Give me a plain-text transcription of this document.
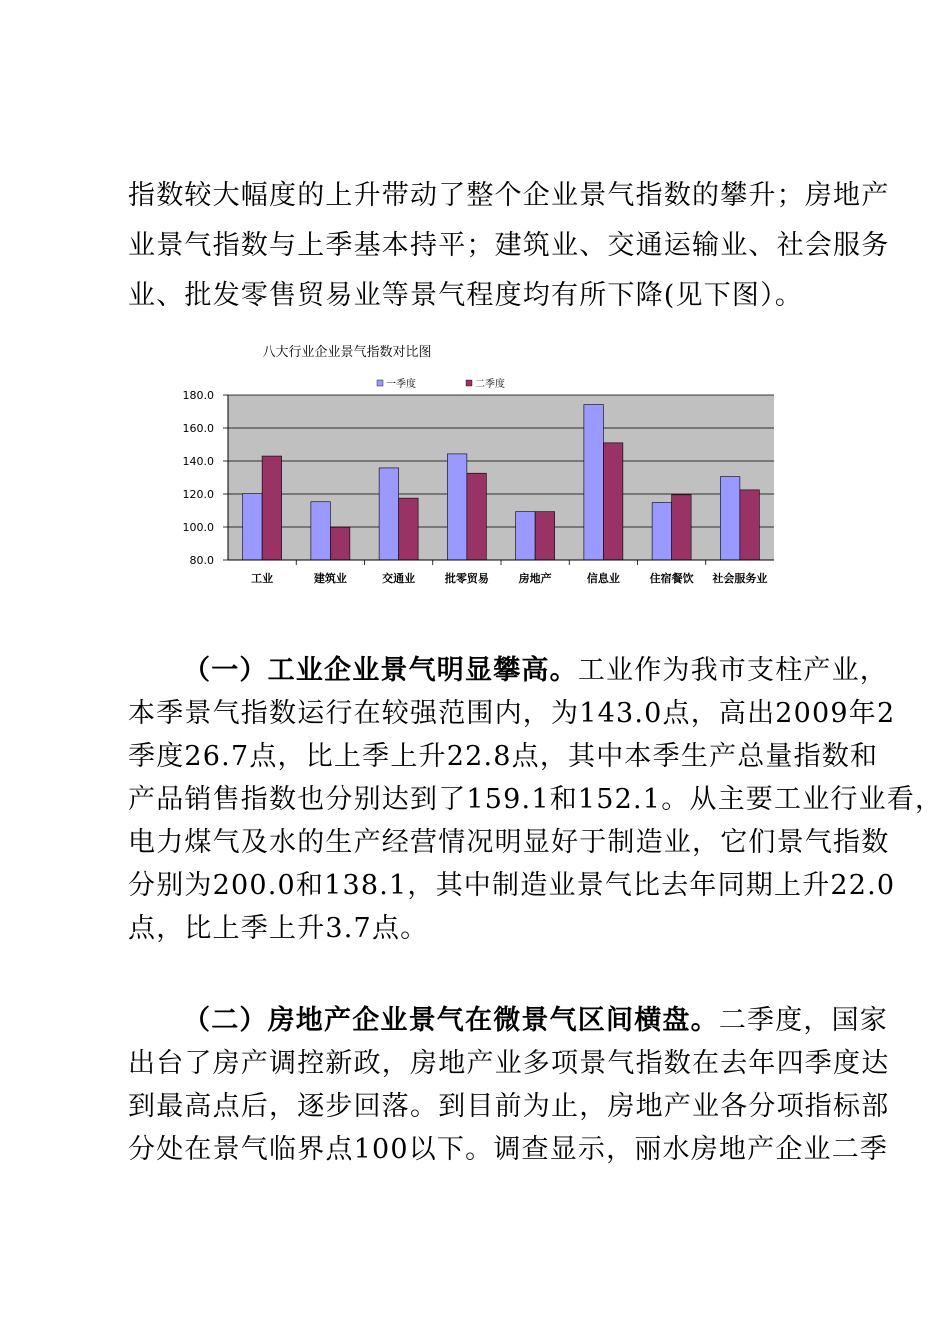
指数较大幅度的上升带动了整个企业景气指数的攀升；房地产
业景气指数与上季基本持平；建筑业、交通运输业、社会服务
业、批发零售贸易业等景气程度均有所下降(见下图）。
八大行业企业景气指数对比图
一季度	二季度
80.0
100.0
120.0
140.0
160.0
180.0
工业	建筑业	交通业	批零贸易	房地产	信息业	住宿餐饮 社会服务业
（一）工业企业景气明显攀高。工业作为我市支柱产业，
本季景气指数运行在较强范围内，为143.0点，高出2009年2
季度26.7点，比上季上升22.8点，其中本季生产总量指数和
产品销售指数也分别达到了159.1和152.1。从主要工业行业看，
电力煤气及水的生产经营情况明显好于制造业，它们景气指数
分别为200.0和138.1，其中制造业景气比去年同期上升22.0
点，比上季上升3.7点。
（二）房地产企业景气在微景气区间横盘。二季度，国家
出台了房产调控新政，房地产业多项景气指数在去年四季度达
到最高点后，逐步回落。到目前为止，房地产业各分项指标部
分处在景气临界点100以下。调查显示，丽水房地产企业二季
